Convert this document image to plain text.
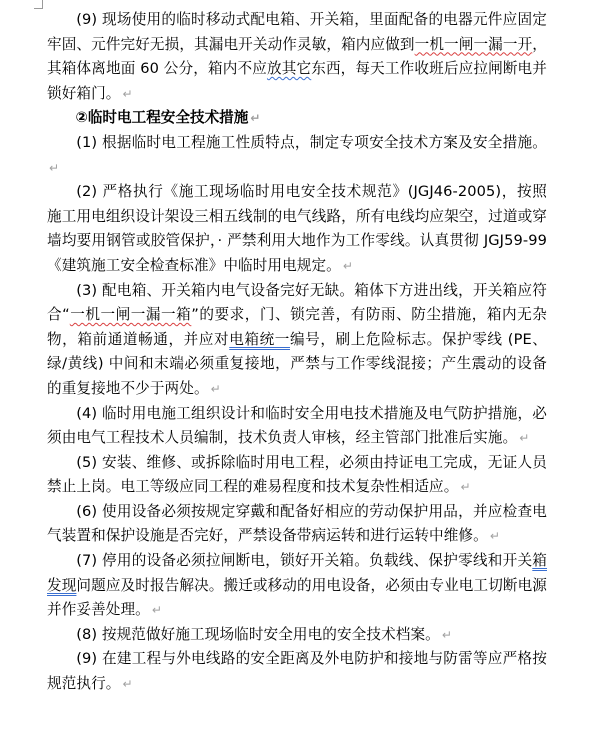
(9) 现场使用的临时移动式配电箱、开关箱，里面配备的电器元件应固定牢固、元件完好无损，其漏电开关动作灵敏，箱内应做到一机一闸一漏一开，其箱体离地面 60 公分，箱内不应放其它东西，每天工作收班后应拉闸断电并锁好箱门。 ↵

②临时电工程安全技术措施 ↵

(1) 根据临时电工程施工性质特点，制定专项安全技术方案及安全措施。↵

(2) 严格执行《施工现场临时用电安全技术规范》(JGJ46-2005)，按照施工用电组织设计架设三相五线制的电气线路，所有电线均应架空，过道或穿墙均要用钢管或胶管保护，· 严禁利用大地作为工作零线。认真贯彻 JGJ59-99《建筑施工安全检查标准》中临时用电规定。 ↵

(3) 配电箱、开关箱内电气设备完好无缺。箱体下方进出线，开关箱应符合“一机一闸一漏一箱”的要求，门、锁完善，有防雨、防尘措施，箱内无杂物，箱前通道畅通，并应对电箱统一编号，刷上危险标志。保护零线 (PE、绿/黄线) 中间和末端必须重复接地，严禁与工作零线混接；产生震动的设备的重复接地不少于两处。 ↵

(4) 临时用电施工组织设计和临时安全用电技术措施及电气防护措施，必须由电气工程技术人员编制，技术负责人审核，经主管部门批准后实施。 ↵

(5) 安装、维修、或拆除临时用电工程，必须由持证电工完成，无证人员禁止上岗。电工等级应同工程的难易程度和技术复杂性相适应。 ↵

(6) 使用设备必须按规定穿戴和配备好相应的劳动保护用品，并应检查电气装置和保护设施是否完好，严禁设备带病运转和进行运转中维修。 ↵

(7) 停用的设备必须拉闸断电，锁好开关箱。负载线、保护零线和开关箱发现问题应及时报告解决。搬迁或移动的用电设备，必须由专业电工切断电源并作妥善处理。 ↵

(8) 按规范做好施工现场临时安全用电的安全技术档案。 ↵

(9) 在建工程与外电线路的安全距离及外电防护和接地与防雷等应严格按规范执行。 ↵
